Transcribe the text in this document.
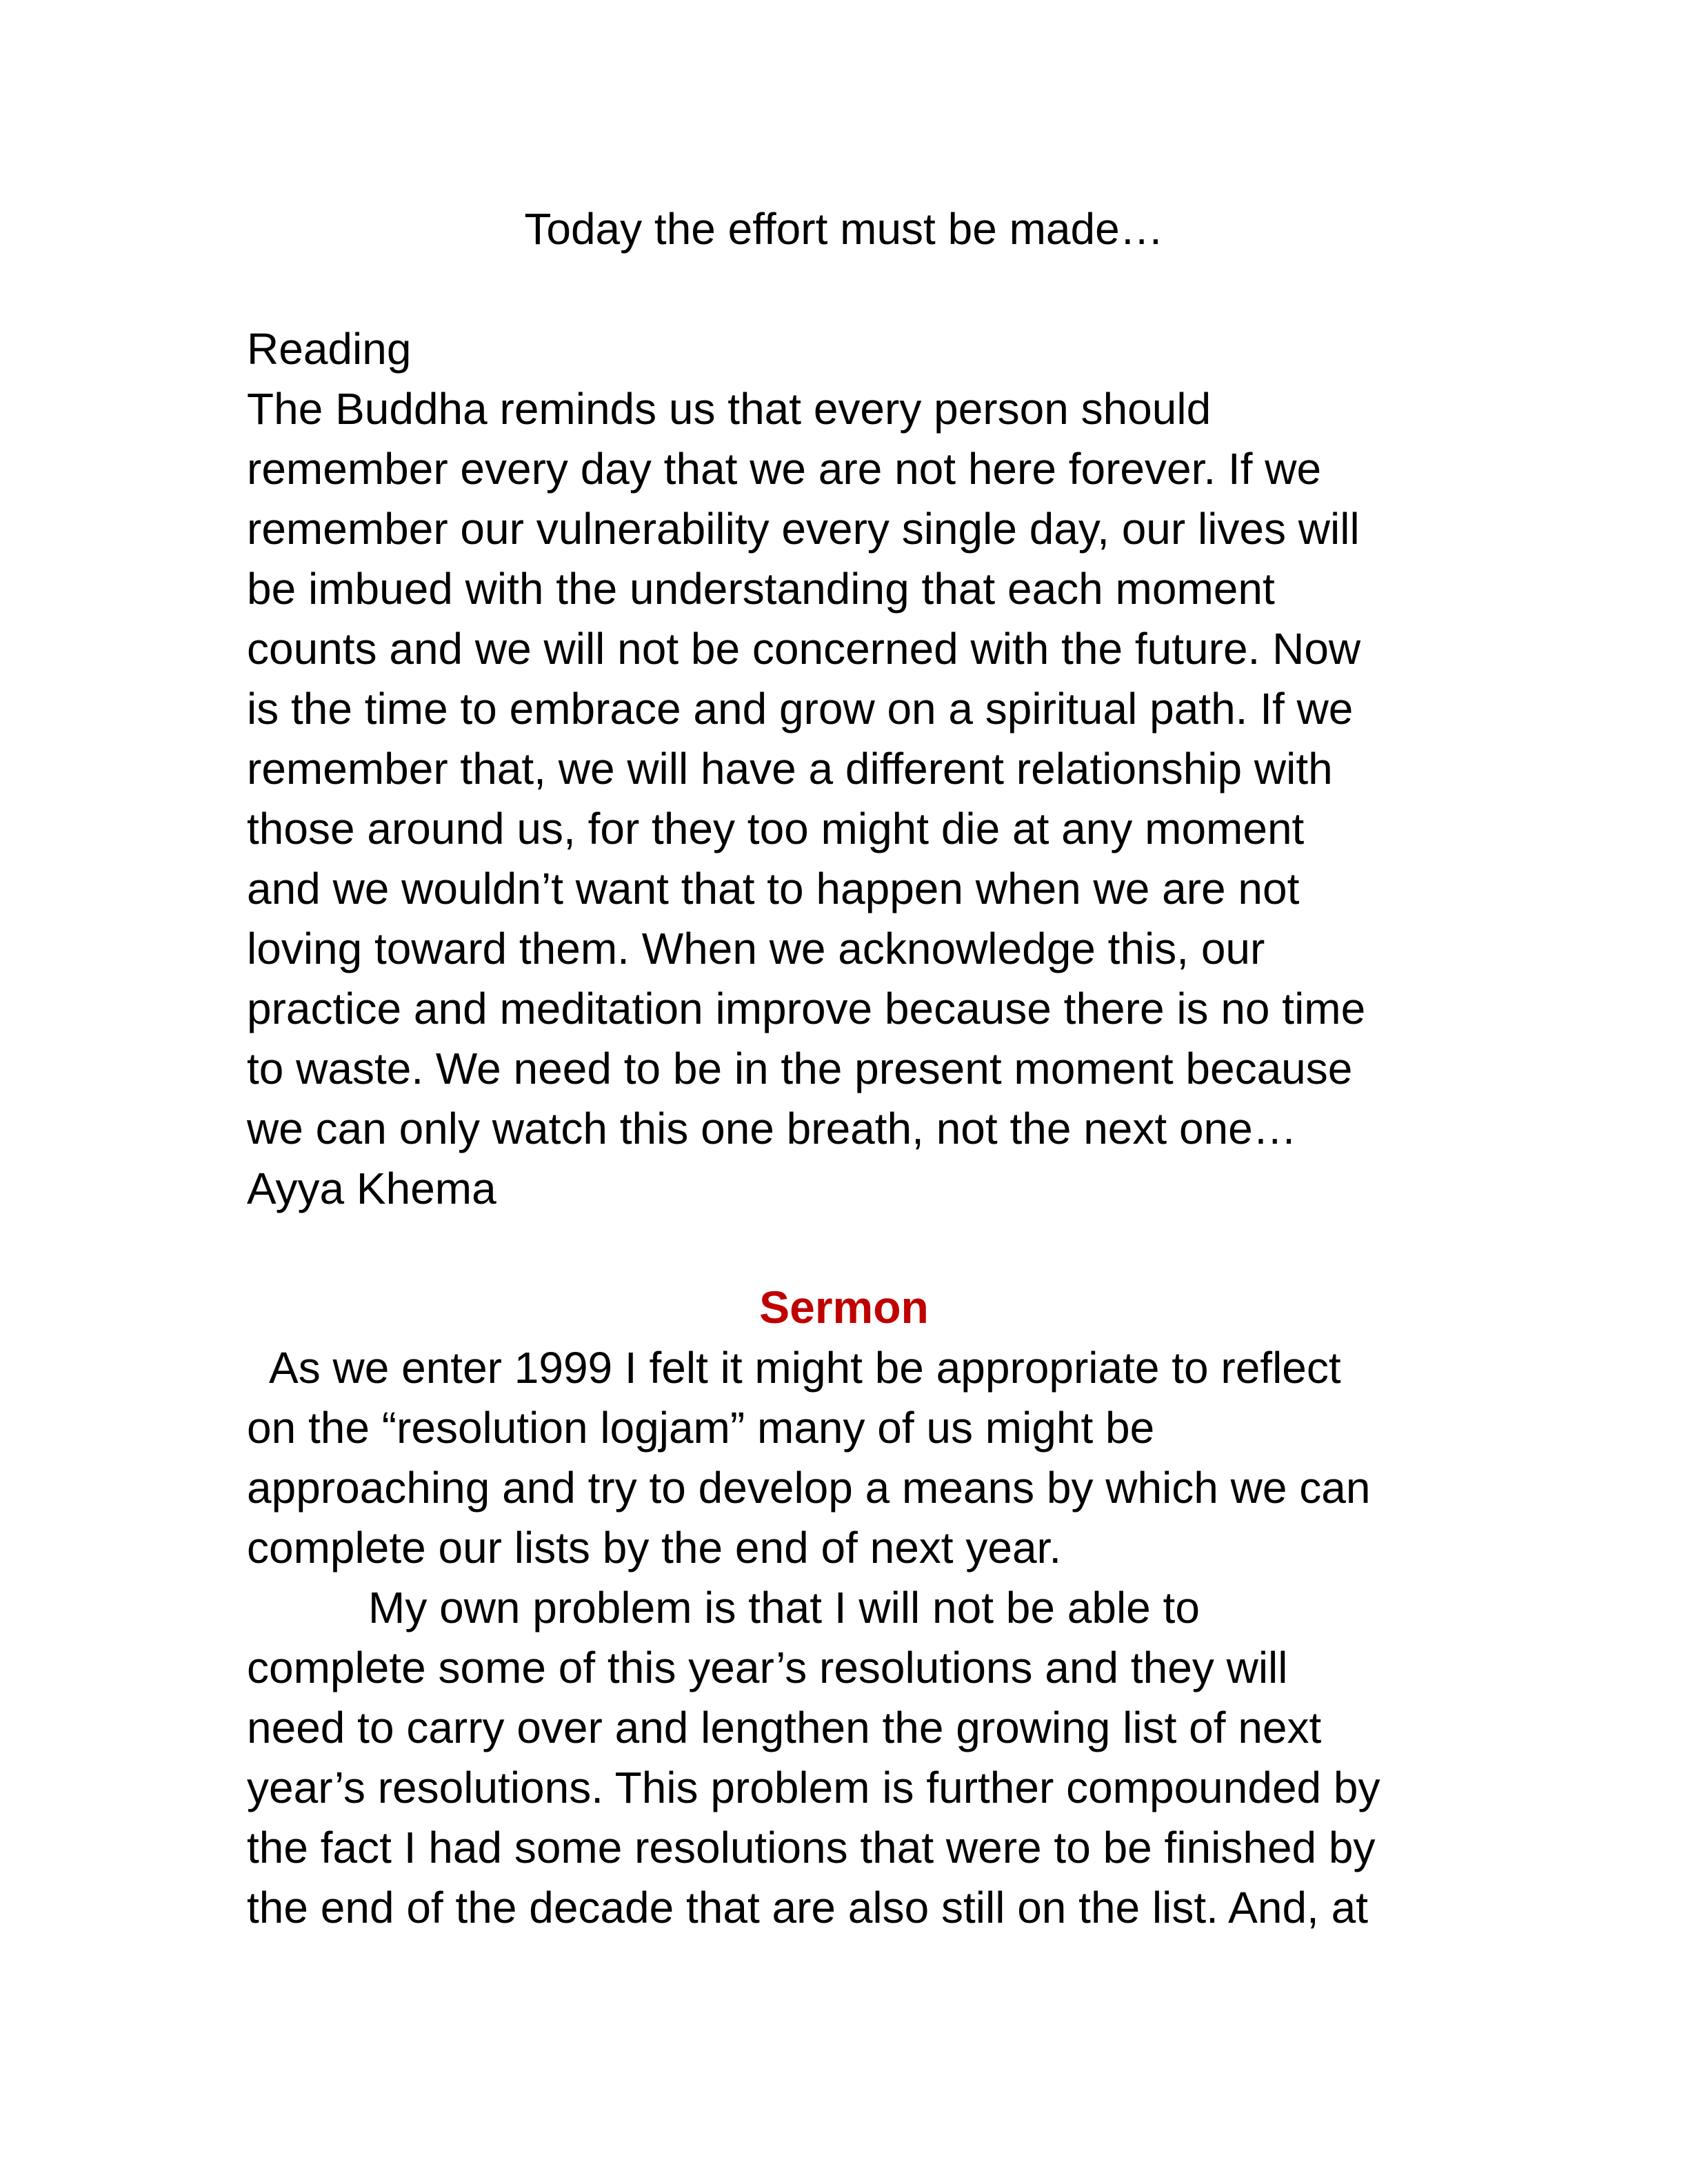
Today the effort must be made…
Reading
The Buddha reminds us that every person should
remember every day that we are not here forever. If we
remember our vulnerability every single day, our lives will
be imbued with the understanding that each moment
counts and we will not be concerned with the future. Now
is the time to embrace and grow on a spiritual path. If we
remember that, we will have a different relationship with
those around us, for they too might die at any moment
and we wouldn’t want that to happen when we are not
loving toward them. When we acknowledge this, our
practice and meditation improve because there is no time
to waste. We need to be in the present moment because
we can only watch this one breath, not the next one…
Ayya Khema
Sermon
As we enter 1999 I felt it might be appropriate to reflect
on the “resolution logjam” many of us might be
approaching and try to develop a means by which we can
complete our lists by the end of next year.
My own problem is that I will not be able to
complete some of this year’s resolutions and they will
need to carry over and lengthen the growing list of next
year’s resolutions. This problem is further compounded by
the fact I had some resolutions that were to be finished by
the end of the decade that are also still on the list. And, at
